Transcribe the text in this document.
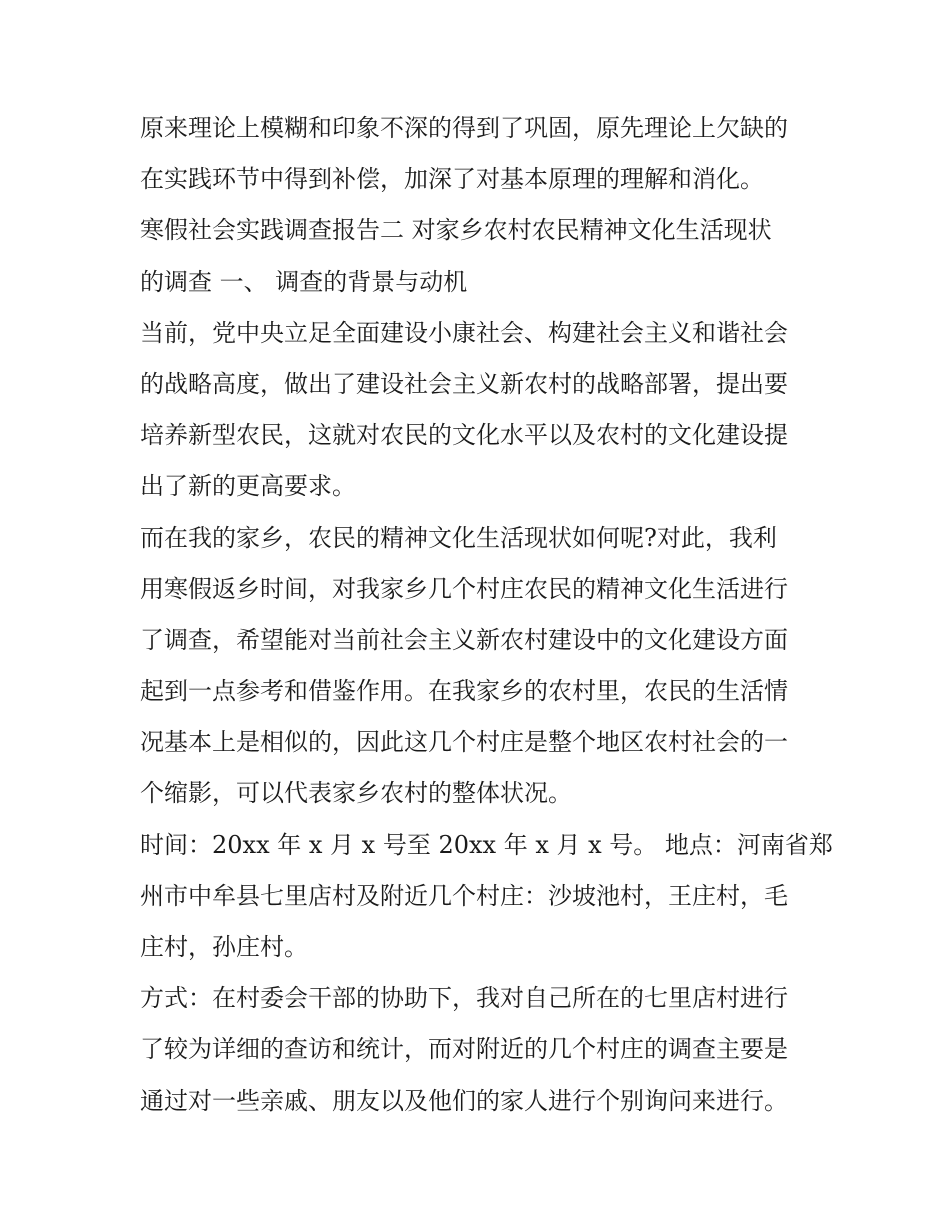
原来理论上模糊和印象不深的得到了巩固，原先理论上欠缺的
在实践环节中得到补偿，加深了对基本原理的理解和消化。

寒假社会实践调查报告二 对家乡农村农民精神文化生活现状
的调查 一、 调查的背景与动机

当前，党中央立足全面建设小康社会、构建社会主义和谐社会
的战略高度，做出了建设社会主义新农村的战略部署，提出要
培养新型农民，这就对农民的文化水平以及农村的文化建设提
出了新的更高要求。

而在我的家乡，农民的精神文化生活现状如何呢?对此，我利
用寒假返乡时间，对我家乡几个村庄农民的精神文化生活进行
了调查，希望能对当前社会主义新农村建设中的文化建设方面
起到一点参考和借鉴作用。在我家乡的农村里，农民的生活情
况基本上是相似的，因此这几个村庄是整个地区农村社会的一
个缩影，可以代表家乡农村的整体状况。

时间：20xx 年 x 月 x 号至 20xx 年 x 月 x 号。 地点：河南省郑
州市中牟县七里店村及附近几个村庄：沙坡池村，王庄村，毛
庄村，孙庄村。

方式：在村委会干部的协助下，我对自己所在的七里店村进行
了较为详细的查访和统计，而对附近的几个村庄的调查主要是
通过对一些亲戚、朋友以及他们的家人进行个别询问来进行。
